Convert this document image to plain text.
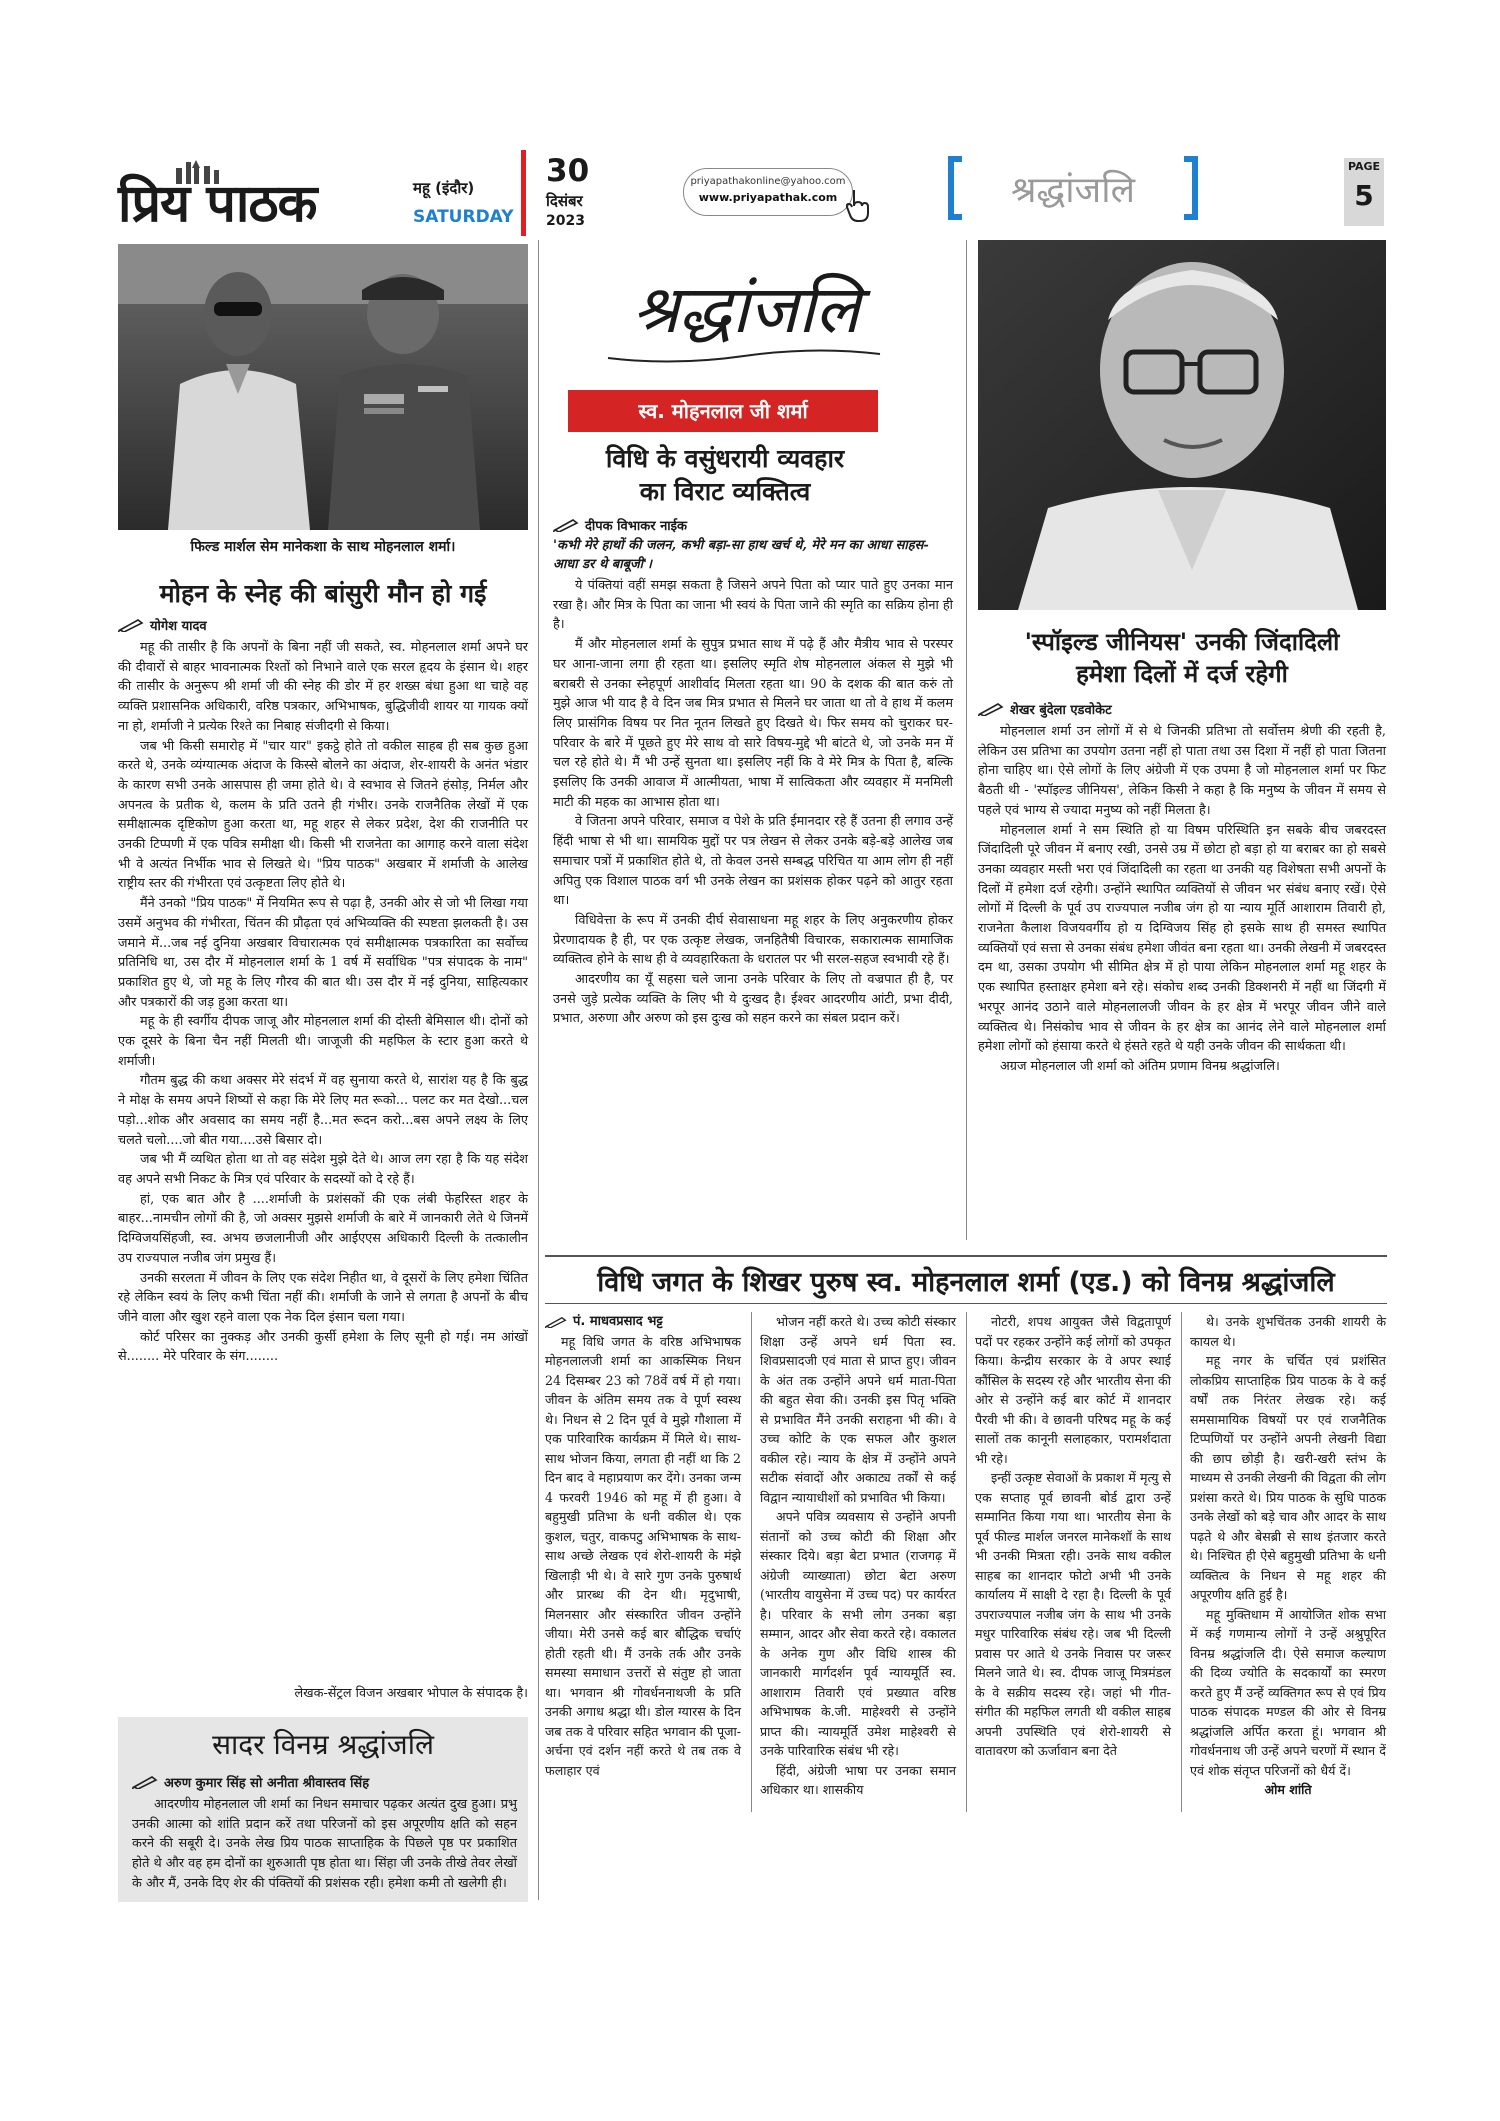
प्रिय पाठक	महू (इंदौर)
SATURDAY
30
दिसंबर
2023
priyapathakonline@yahoo.com
www.priyapathak.com	श्रद्धांजलि
PAGE
5
फिल्ड मार्शल सेम मानेकशा के साथ मोहनलाल शर्मा।
मोहन के स्नेह की बांसुरी मौन हो गई
योगेश यादव

महू की तासीर है कि अपनों के बिना नहीं जी सकते, स्व. मोहनलाल शर्मा अपने घर की दीवारों से बाहर भावनात्मक रिश्तों को निभाने वाले एक सरल हृदय के इंसान थे। शहर की तासीर के अनुरूप श्री शर्मा जी की स्नेह की डोर में हर शख्स बंधा हुआ था चाहे वह व्यक्ति प्रशासनिक अधिकारी, वरिष्ठ पत्रकार, अभिभाषक, बुद्धिजीवी शायर या गायक क्यों ना हो, शर्माजी ने प्रत्येक रिश्ते का निबाह संजीदगी से किया।

जब भी किसी समारोह में "चार यार" इकट्ठे होते तो वकील साहब ही सब कुछ हुआ करते थे, उनके व्यंग्यात्मक अंदाज के किस्से बोलने का अंदाज, शेर-शायरी के अनंत भंडार के कारण सभी उनके आसपास ही जमा होते थे। वे स्वभाव से जितने हंसोड़, निर्मल और अपनत्व के प्रतीक थे, कलम के प्रति उतने ही गंभीर। उनके राजनैतिक लेखों में एक समीक्षात्मक दृष्टिकोण हुआ करता था, महू शहर से लेकर प्रदेश, देश की राजनीति पर उनकी टिप्पणी में एक पवित्र समीक्षा थी। किसी भी राजनेता का आगाह करने वाला संदेश भी वे अत्यंत निर्भीक भाव से लिखते थे। "प्रिय पाठक" अखबार में शर्माजी के आलेख राष्ट्रीय स्तर की गंभीरता एवं उत्कृष्टता लिए होते थे।

मैंने उनको "प्रिय पाठक" में नियमित रूप से पढ़ा है, उनकी ओर से जो भी लिखा गया उसमें अनुभव की गंभीरता, चिंतन की प्रौढ़ता एवं अभिव्यक्ति की स्पष्टता झलकती है। उस जमाने में...जब नई दुनिया अखबार विचारात्मक एवं समीक्षात्मक पत्रकारिता का सर्वोच्च प्रतिनिधि था, उस दौर में मोहनलाल शर्मा के 1 वर्ष में सर्वाधिक "पत्र संपादक के नाम" प्रकाशित हुए थे, जो महू के लिए गौरव की बात थी। उस दौर में नई दुनिया, साहित्यकार और पत्रकारों की जड़ हुआ करता था।

महू के ही स्वर्गीय दीपक जाजू और मोहनलाल शर्मा की दोस्ती बेमिसाल थी। दोनों को एक दूसरे के बिना चैन नहीं मिलती थी। जाजूजी की महफिल के स्टार हुआ करते थे शर्माजी।

गौतम बुद्ध की कथा अक्सर मेरे संदर्भ में वह सुनाया करते थे, सारांश यह है कि बुद्ध ने मोक्ष के समय अपने शिष्यों से कहा कि मेरे लिए मत रूको... पलट कर मत देखो...चल पड़ो...शोक और अवसाद का समय नहीं है...मत रूदन करो...बस अपने लक्ष्य के लिए चलते चलो....जो बीत गया....उसे बिसार दो।

जब भी मैं व्यथित होता था तो वह संदेश मुझे देते थे। आज लग रहा है कि यह संदेश वह अपने सभी निकट के मित्र एवं परिवार के सदस्यों को दे रहे हैं।

हां, एक बात और है ....शर्माजी के प्रशंसकों की एक लंबी फेहरिस्त शहर के बाहर...नामचीन लोगों की है, जो अक्सर मुझसे शर्माजी के बारे में जानकारी लेते थे जिनमें दिग्विजयसिंहजी, स्व. अभय छजलानीजी और आईएएस अधिकारी दिल्ली के तत्कालीन उप राज्यपाल नजीब जंग प्रमुख हैं।

उनकी सरलता में जीवन के लिए एक संदेश निहीत था, वे दूसरों के लिए हमेशा चिंतित रहे लेकिन स्वयं के लिए कभी चिंता नहीं की। शर्माजी के जाने से लगता है अपनों के बीच जीने वाला और खुश रहने वाला एक नेक दिल इंसान चला गया।

कोर्ट परिसर का नुक्कड़ और उनकी कुर्सी हमेशा के लिए सूनी हो गई। नम आंखों से........ मेरे परिवार के संग........

लेखक-सेंट्रल विजन अखबार भोपाल के संपादक है।
सादर विनम्र श्रद्धांजलि
अरुण कुमार सिंह सो अनीता श्रीवास्तव सिंह

आदरणीय मोहनलाल जी शर्मा का निधन समाचार पढ़कर अत्यंत दुख हुआ। प्रभु उनकी आत्मा को शांति प्रदान करें तथा परिजनों को इस अपूरणीय क्षति को सहन करने की सबूरी दे। उनके लेख प्रिय पाठक साप्ताहिक के पिछले पृष्ठ पर प्रकाशित होते थे और वह हम दोनों का शुरुआती पृष्ठ होता था। सिंहा जी उनके तीखे तेवर लेखों के और मैं, उनके दिए शेर की पंक्तियों की प्रशंसक रही। हमेशा कमी तो खलेगी ही।

श्रद्धांजलि
स्व. मोहनलाल जी शर्मा
विधि के वसुंधरायी व्यवहार
का विराट व्यक्तित्व
दीपक विभाकर नाईक
'कभी मेरे हाथों की जलन, कभी बड़ा-सा हाथ खर्च थे, मेरे मन का आधा साहस-आधा डर थे बाबूजी'।

ये पंक्तियां वहीं समझ सकता है जिसने अपने पिता को प्यार पाते हुए उनका मान रखा है। और मित्र के पिता का जाना भी स्वयं के पिता जाने की स्मृति का सक्रिय होना ही है।

मैं और मोहनलाल शर्मा के सुपुत्र प्रभात साथ में पढ़े हैं और मैत्रीय भाव से परस्पर घर आना-जाना लगा ही रहता था। इसलिए स्मृति शेष मोहनलाल अंकल से मुझे भी बराबरी से उनका स्नेहपूर्ण आशीर्वाद मिलता रहता था। 90 के दशक की बात करुं तो मुझे आज भी याद है वे दिन जब मित्र प्रभात से मिलने घर जाता था तो वे हाथ में कलम लिए प्रासंगिक विषय पर नित नूतन लिखते हुए दिखते थे। फिर समय को चुराकर घर-परिवार के बारे में पूछते हुए मेरे साथ वो सारे विषय-मुद्दे भी बांटते थे, जो उनके मन में चल रहे होते थे। मैं भी उन्हें सुनता था। इसलिए नहीं कि वे मेरे मित्र के पिता है, बल्कि इसलिए कि उनकी आवाज में आत्मीयता, भाषा में सात्विकता और व्यवहार में मनमिली माटी की महक का आभास होता था।

वे जितना अपने परिवार, समाज व पेशे के प्रति ईमानदार रहे हैं उतना ही लगाव उन्हें हिंदी भाषा से भी था। सामयिक मुद्दों पर पत्र लेखन से लेकर उनके बड़े-बड़े आलेख जब समाचार पत्रों में प्रकाशित होते थे, तो केवल उनसे सम्बद्ध परिचित या आम लोग ही नहीं अपितु एक विशाल पाठक वर्ग भी उनके लेखन का प्रशंसक होकर पढ़ने को आतुर रहता था।

विधिवेत्ता के रूप में उनकी दीर्घ सेवासाधना महू शहर के लिए अनुकरणीय होकर प्रेरणादायक है ही, पर एक उत्कृष्ट लेखक, जनहितैषी विचारक, सकारात्मक सामाजिक व्यक्तित्व होने के साथ ही वे व्यवहारिकता के धरातल पर भी सरल-सहज स्वभावी रहे हैं।

आदरणीय का यूँ सहसा चले जाना उनके परिवार के लिए तो वज्रपात ही है, पर उनसे जुड़े प्रत्येक व्यक्ति के लिए भी ये दुःखद है। ईश्वर आदरणीय आंटी, प्रभा दीदी, प्रभात, अरुणा और अरुण को इस दुःख को सहन करने का संबल प्रदान करें।

'स्पॉइल्ड जीनियस' उनकी जिंदादिली
हमेशा दिलों में दर्ज रहेगी
शेखर बुंदेला एडवोकेट

मोहनलाल शर्मा उन लोगों में से थे जिनकी प्रतिभा तो सर्वोत्तम श्रेणी की रहती है, लेकिन उस प्रतिभा का उपयोग उतना नहीं हो पाता तथा उस दिशा में नहीं हो पाता जितना होना चाहिए था। ऐसे लोगों के लिए अंग्रेजी में एक उपमा है जो मोहनलाल शर्मा पर फिट बैठती थी - 'स्पॉइल्ड जीनियस', लेकिन किसी ने कहा है कि मनुष्य के जीवन में समय से पहले एवं भाग्य से ज्यादा मनुष्य को नहीं मिलता है।

मोहनलाल शर्मा ने सम स्थिति हो या विषम परिस्थिति इन सबके बीच जबरदस्त जिंदादिली पूरे जीवन में बनाए रखी, उनसे उम्र में छोटा हो बड़ा हो या बराबर का हो सबसे उनका व्यवहार मस्ती भरा एवं जिंदादिली का रहता था उनकी यह विशेषता सभी अपनों के दिलों में हमेशा दर्ज रहेगी। उन्होंने स्थापित व्यक्तियों से जीवन भर संबंध बनाए रखें। ऐसे लोगों में दिल्ली के पूर्व उप राज्यपाल नजीब जंग हो या न्याय मूर्ति आशाराम तिवारी हो, राजनेता कैलाश विजयवर्गीय हो य दिग्विजय सिंह हो इसके साथ ही समस्त स्थापित व्यक्तियों एवं सत्ता से उनका संबंध हमेशा जीवंत बना रहता था। उनकी लेखनी में जबरदस्त दम था, उसका उपयोग भी सीमित क्षेत्र में हो पाया लेकिन मोहनलाल शर्मा महू शहर के एक स्थापित हस्ताक्षर हमेशा बने रहे। संकोच शब्द उनकी डिक्शनरी में नहीं था जिंदगी में भरपूर आनंद उठाने वाले मोहनलालजी जीवन के हर क्षेत्र में भरपूर जीवन जीने वाले व्यक्तित्व थे। निसंकोच भाव से जीवन के हर क्षेत्र का आनंद लेने वाले मोहनलाल शर्मा हमेशा लोगों को हंसाया करते थे हंसते रहते थे यही उनके जीवन की सार्थकता थी।

अग्रज मोहनलाल जी शर्मा को अंतिम प्रणाम विनम्र श्रद्धांजलि।

विधि जगत के शिखर पुरुष स्व. मोहनलाल शर्मा (एड.) को विनम्र श्रद्धांजलि
पं. माधवप्रसाद भट्ट

महू विधि जगत के वरिष्ठ अभिभाषक मोहनलालजी शर्मा का आकस्मिक निधन 24 दिसम्बर 23 को 78वें वर्ष में हो गया। जीवन के अंतिम समय तक वे पूर्ण स्वस्थ थे। निधन से 2 दिन पूर्व वे मुझे गौशाला में एक पारिवारिक कार्यक्रम में मिले थे। साथ-साथ भोजन किया, लगता ही नहीं था कि 2 दिन बाद वे महाप्रयाण कर देंगे। उनका जन्म 4 फरवरी 1946 को महू में ही हुआ। वे बहुमुखी प्रतिभा के धनी वकील थे। एक कुशल, चतुर, वाकपटु अभिभाषक के साथ-साथ अच्छे लेखक एवं शेरो-शायरी के मंझे खिलाड़ी भी थे। वे सारे गुण उनके पुरुषार्थ और प्रारब्ध की देन थी। मृदुभाषी, मिलनसार और संस्कारित जीवन उन्होंने जीया। मेरी उनसे कई बार बौद्धिक चर्चाएं होती रहती थी। मैं उनके तर्क और उनके समस्या समाधान उत्तरों से संतुष्ट हो जाता था। भगवान श्री गोवर्धननाथजी के प्रति उनकी अगाध श्रद्धा थी। डोल ग्यारस के दिन जब तक वे परिवार सहित भगवान की पूजा-अर्चना एवं दर्शन नहीं करते थे तब तक वे फलाहार एवं

भोजन नहीं करते थे। उच्च कोटी संस्कार शिक्षा उन्हें अपने धर्म पिता स्व. शिवप्रसादजी एवं माता से प्राप्त हुए। जीवन के अंत तक उन्होंने अपने धर्म माता-पिता की बहुत सेवा की। उनकी इस पितृ भक्ति से प्रभावित मैंने उनकी सराहना भी की। वे उच्च कोटि के एक सफल और कुशल वकील रहे। न्याय के क्षेत्र में उन्होंने अपने सटीक संवादों और अकाट्य तर्कों से कई विद्वान न्यायाधीशों को प्रभावित भी किया।

अपने पवित्र व्यवसाय से उन्होंने अपनी संतानों को उच्च कोटी की शिक्षा और संस्कार दिये। बड़ा बेटा प्रभात (राजगढ़ में अंग्रेजी व्याख्याता) छोटा बेटा अरुण (भारतीय वायुसेना में उच्च पद) पर कार्यरत है। परिवार के सभी लोग उनका बड़ा सम्मान, आदर और सेवा करते रहे। वकालत के अनेक गुण और विधि शास्त्र की जानकारी मार्गदर्शन पूर्व न्यायमूर्ति स्व. आशाराम तिवारी एवं प्रख्यात वरिष्ठ अभिभाषक के.जी. माहेश्वरी से उन्होंने प्राप्त की। न्यायमूर्ति उमेश माहेश्वरी से उनके पारिवारिक संबंध भी रहे।

हिंदी, अंग्रेजी भाषा पर उनका समान अधिकार था। शासकीय

नोटरी, शपथ आयुक्त जैसे विद्वतापूर्ण पदों पर रहकर उन्होंने कई लोगों को उपकृत किया। केन्द्रीय सरकार के वे अपर स्थाई कौंसिल के सदस्य रहे और भारतीय सेना की ओर से उन्होंने कई बार कोर्ट में शानदार पैरवी भी की। वे छावनी परिषद महू के कई सालों तक कानूनी सलाहकार, परामर्शदाता भी रहे।

इन्हीं उत्कृष्ट सेवाओं के प्रकाश में मृत्यु से एक सप्ताह पूर्व छावनी बोर्ड द्वारा उन्हें सम्मानित किया गया था। भारतीय सेना के पूर्व फील्ड मार्शल जनरल मानेकशॉ के साथ भी उनकी मित्रता रही। उनके साथ वकील साहब का शानदार फोटो अभी भी उनके कार्यालय में साक्षी दे रहा है। दिल्ली के पूर्व उपराज्यपाल नजीब जंग के साथ भी उनके मधुर पारिवारिक संबंध रहे। जब भी दिल्ली प्रवास पर आते थे उनके निवास पर जरूर मिलने जाते थे। स्व. दीपक जाजू मित्रमंडल के वे सक्रीय सदस्य रहे। जहां भी गीत-संगीत की महफिल लगती थी वकील साहब अपनी उपस्थिति एवं शेरो-शायरी से वातावरण को ऊर्जावान बना देते

थे। उनके शुभचिंतक उनकी शायरी के कायल थे।

महू नगर के चर्चित एवं प्रशंसित लोकप्रिय साप्ताहिक प्रिय पाठक के वे कई वर्षों तक निरंतर लेखक रहे। कई समसामायिक विषयों पर एवं राजनैतिक टिप्पणियों पर उन्होंने अपनी लेखनी विद्या की छाप छोड़ी है। खरी-खरी स्तंभ के माध्यम से उनकी लेखनी की विद्वता की लोग प्रशंसा करते थे। प्रिय पाठक के सुधि पाठक उनके लेखों को बड़े चाव और आदर के साथ पढ़ते थे और बेसब्री से साथ इंतजार करते थे। निश्चित ही ऐसे बहुमुखी प्रतिभा के धनी व्यक्तित्व के निधन से महू शहर की अपूरणीय क्षति हुई है।

महू मुक्तिधाम में आयोजित शोक सभा में कई गणमान्य लोगों ने उन्हें अश्रुपूरित विनम्र श्रद्धांजलि दी। ऐसे समाज कल्याण की दिव्य ज्योति के सदकार्यों का स्मरण करते हुए मैं उन्हें व्यक्तिगत रूप से एवं प्रिय पाठक संपादक मण्डल की ओर से विनम्र श्रद्धांजलि अर्पित करता हूं। भगवान श्री गोवर्धननाथ जी उन्हें अपने चरणों में स्थान दें एवं शोक संतृप्त परिजनों को धैर्य दें।

ओम शांति
